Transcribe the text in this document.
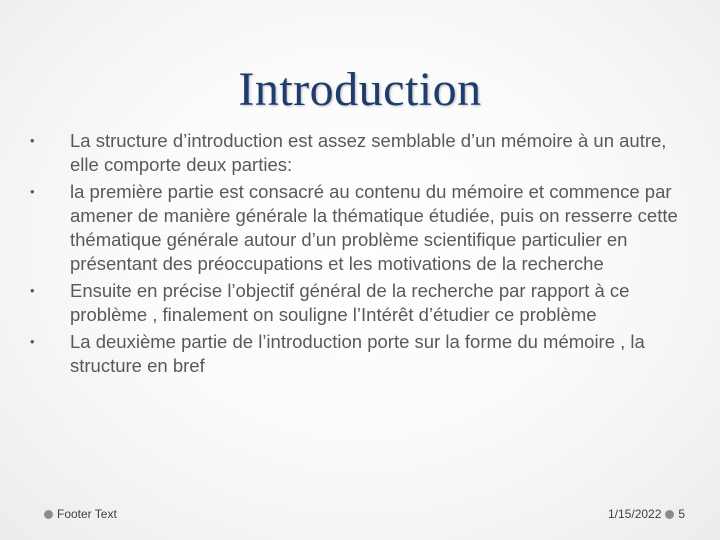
Introduction
•
La structure d’introduction est assez semblable d’un mémoire à un autre, elle comporte deux parties:
•
la première partie est consacré au contenu du mémoire et commence par amener de manière générale la thématique étudiée, puis on resserre cette thématique générale autour d’un problème scientifique particulier en présentant des préoccupations et les motivations de la recherche
•
Ensuite en précise l’objectif général de la recherche par rapport à ce problème , finalement on souligne l’Intérêt d’étudier ce problème
•
La deuxième partie de l’introduction porte sur la forme du mémoire , la structure en bref
Footer Text	1/15/2022 5
